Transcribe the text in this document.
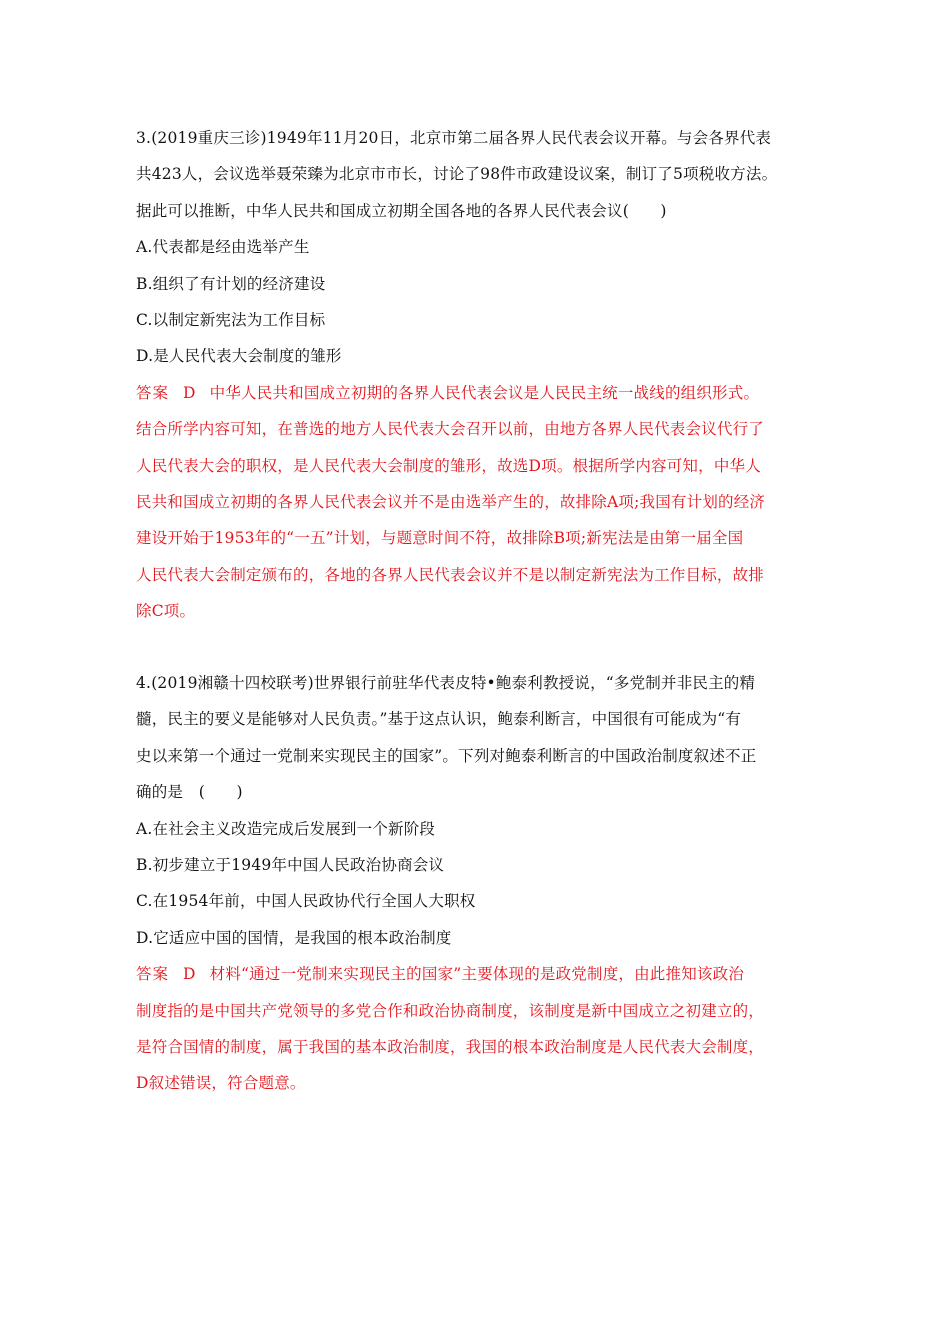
3.(2019重庆三诊)1949年11月20日，北京市第二届各界人民代表会议开幕。与会各界代表
共423人，会议选举聂荣臻为北京市市长，讨论了98件市政建设议案，制订了5项税收方法。
据此可以推断，中华人民共和国成立初期全国各地的各界人民代表会议(　　)
A.代表都是经由选举产生
B.组织了有计划的经济建设
C.以制定新宪法为工作目标
D.是人民代表大会制度的雏形
答案 D 中华人民共和国成立初期的各界人民代表会议是人民民主统一战线的组织形式。
结合所学内容可知，在普选的地方人民代表大会召开以前，由地方各界人民代表会议代行了
人民代表大会的职权，是人民代表大会制度的雏形，故选D项。根据所学内容可知，中华人
民共和国成立初期的各界人民代表会议并不是由选举产生的，故排除A项;我国有计划的经济
建设开始于1953年的“一五”计划，与题意时间不符，故排除B项;新宪法是由第一届全国
人民代表大会制定颁布的，各地的各界人民代表会议并不是以制定新宪法为工作目标，故排
除C项。
4.(2019湘赣十四校联考)世界银行前驻华代表皮特•鲍泰利教授说，“多党制并非民主的精
髓，民主的要义是能够对人民负责。”基于这点认识，鲍泰利断言，中国很有可能成为“有
史以来第一个通过一党制来实现民主的国家”。下列对鲍泰利断言的中国政治制度叙述不正
确的是　(　　)
A.在社会主义改造完成后发展到一个新阶段
B.初步建立于1949年中国人民政治协商会议
C.在1954年前，中国人民政协代行全国人大职权
D.它适应中国的国情，是我国的根本政治制度
答案 D 材料“通过一党制来实现民主的国家”主要体现的是政党制度，由此推知该政治
制度指的是中国共产党领导的多党合作和政治协商制度，该制度是新中国成立之初建立的，
是符合国情的制度，属于我国的基本政治制度，我国的根本政治制度是人民代表大会制度，
D叙述错误，符合题意。
